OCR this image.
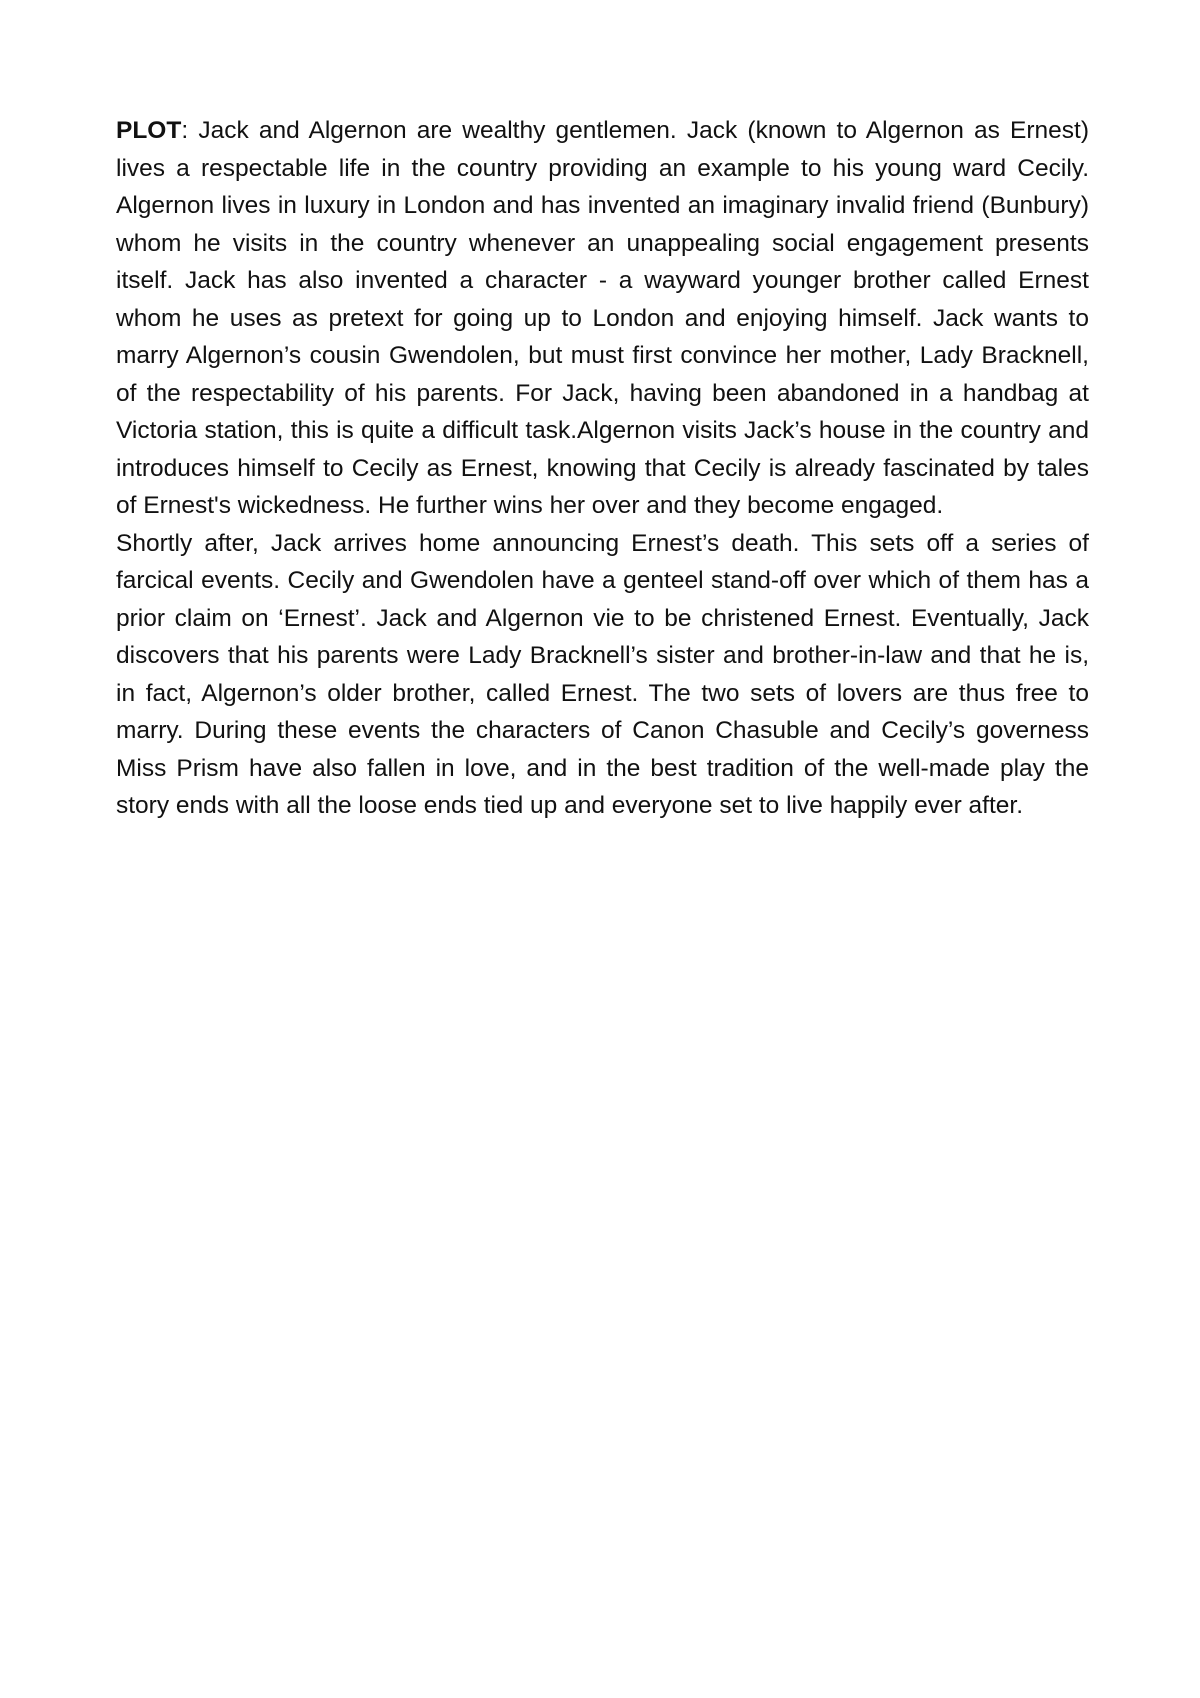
PLOT: Jack and Algernon are wealthy gentlemen. Jack (known to Algernon as Ernest) lives a respectable life in the country providing an example to his young ward Cecily. Algernon lives in luxury in London and has invented an imaginary invalid friend (Bunbury) whom he visits in the country whenever an unappealing social engagement presents itself. Jack has also invented a character - a wayward younger brother called Ernest whom he uses as pretext for going up to London and enjoying himself. Jack wants to marry Algernon’s cousin Gwendolen, but must first convince her mother, Lady Bracknell, of the respectability of his parents. For Jack, having been abandoned in a handbag at Victoria station, this is quite a difficult task.Algernon visits Jack’s house in the country and introduces himself to Cecily as Ernest, knowing that Cecily is already fascinated by tales of Ernest's wickedness. He further wins her over and they become engaged.
Shortly after, Jack arrives home announcing Ernest’s death. This sets off a series of farcical events. Cecily and Gwendolen have a genteel stand-off over which of them has a prior claim on ‘Ernest’. Jack and Algernon vie to be christened Ernest. Eventually, Jack discovers that his parents were Lady Bracknell’s sister and brother-in-law and that he is, in fact, Algernon’s older brother, called Ernest. The two sets of lovers are thus free to marry. During these events the characters of Canon Chasuble and Cecily’s governess Miss Prism have also fallen in love, and in the best tradition of the well-made play the story ends with all the loose ends tied up and everyone set to live happily ever after.
